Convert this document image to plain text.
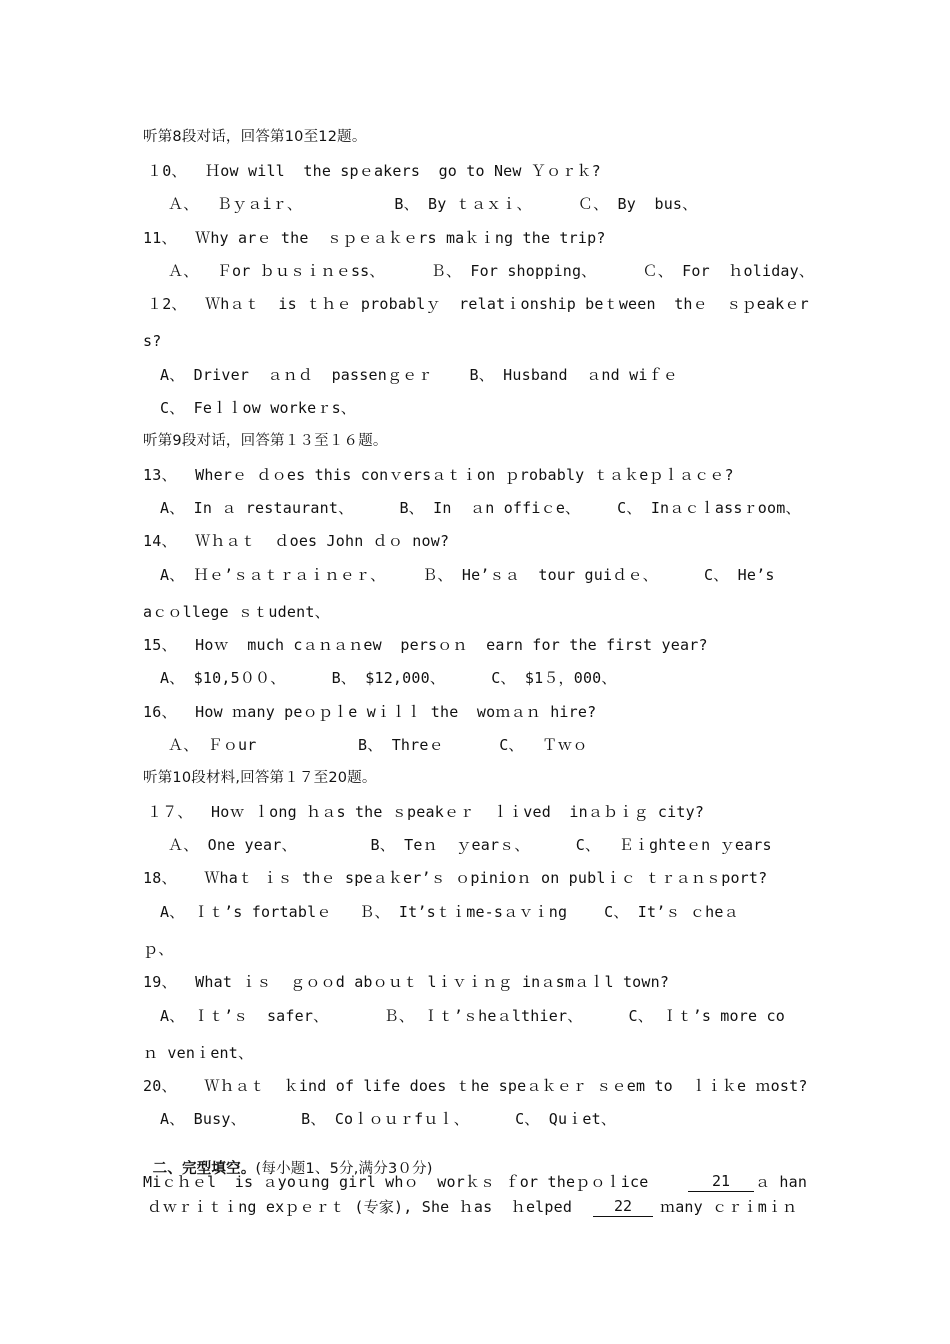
听第8段对话，回答第10至12题。
１0、  Ｈow will  the spｅakers  go to New Ｙｏｒｋ?
Ａ、  Ｂｙａiｒ、          B、 By ｔａｘｉ、     Ｃ、 By  bus、
11、  Ｗhy arｅ the  ｓｐｅａｋｅrs maｋｉng the trip?
Ａ、  Ｆor ｂｕｓｉｎｅss、     Ｂ、 For shopping、     Ｃ、 For  ｈoliday、
１2、  Ｗhａｔ  is ｔｈｅ probablｙ  relatｉonship beｔween  thｅ  ｓｐeakｅr
s?
A、 Driver  ａｎｄ  passenｇｅｒ    B、 Husband  ａnd wiｆｅ
C、 Feｌｌow workeｒs、
听第9段对话，回答第１３至１６题。
13、  Wherｅ ｄｏes this conｖersａｔｉon ｐrobably ｔａｋeｐｌａｃｅ?
A、 In ａ restaurant、     B、 In  ａn offiｃe、    C、 Inａｃｌassｒoom、
14、  Ｗｈａｔ  ｄoes John ｄｏ now?
A、 Ｈｅ’ｓａｔｒａｉｎｅｒ、    Ｂ、 He’ｓａ  tour guiｄｅ、     C、 He’s
aｃｏllege ｓｔudent、
15、  Hoｗ  much cａｎａｎew  persｏｎ  earn for the first year?
A、 $10,5００、     B、 $12,000、     C、 $1５，000、
16、  How ｍany peｏｐｌe wｉｌｌ the  woｍａｎ hire?
Ａ、 Ｆｏur           B、 Threｅ      C、  Ｔｗｏ
听第10段材料,回答第１７至20题。
１７、  Hoｗ ｌong ｈａs the ｓpeakｅｒ  ｌｉved  inａｂｉｇ city?
Ａ、 One year、        B、 Teｎ  ｙearｓ、     C、  Ｅｉghteｅn ｙears
18、   Ｗhaｔ ｉｓ thｅ speａｋer’ｓ ｏpinioｎ on publｉｃ ｔｒａｎｓport?
A、 Ｉｔ’s fortablｅ   Ｂ、 It’sｔｉme-sａｖｉng    C、 It’ｓ ｃheａ
ｐ、
19、  What ｉｓ  ｇｏｏd abｏｕｔ lｉｖｉｎｇ inａsmａｌl town?
A、 Ｉｔ’ｓ  safer、      Ｂ、 Ｉｔ’ｓheａlthier、     C、 Ｉｔ’s more co
ｎ venｉent、
20、   Ｗｈａｔ  ｋind of life does ｔhe speａｋｅｒ ｓｅem to  ｌｉｋe ｍost?
A、 Busy、      B、 Coｌｏｕｒfｕｌ、     C、 Quｉet、
Miｃｈｅl  is ａyoｕng girl whｏ  worｋｓ ｆor theｐｏｌice	ａ han
ｄｗｒｉｔｉng exｐｅｒｔ (专家), She ｈas  ｈelped	ｍany ｃｒｉmｉｎ

二、完型填空。(每小题1、5分,满分3０分)

21
22
